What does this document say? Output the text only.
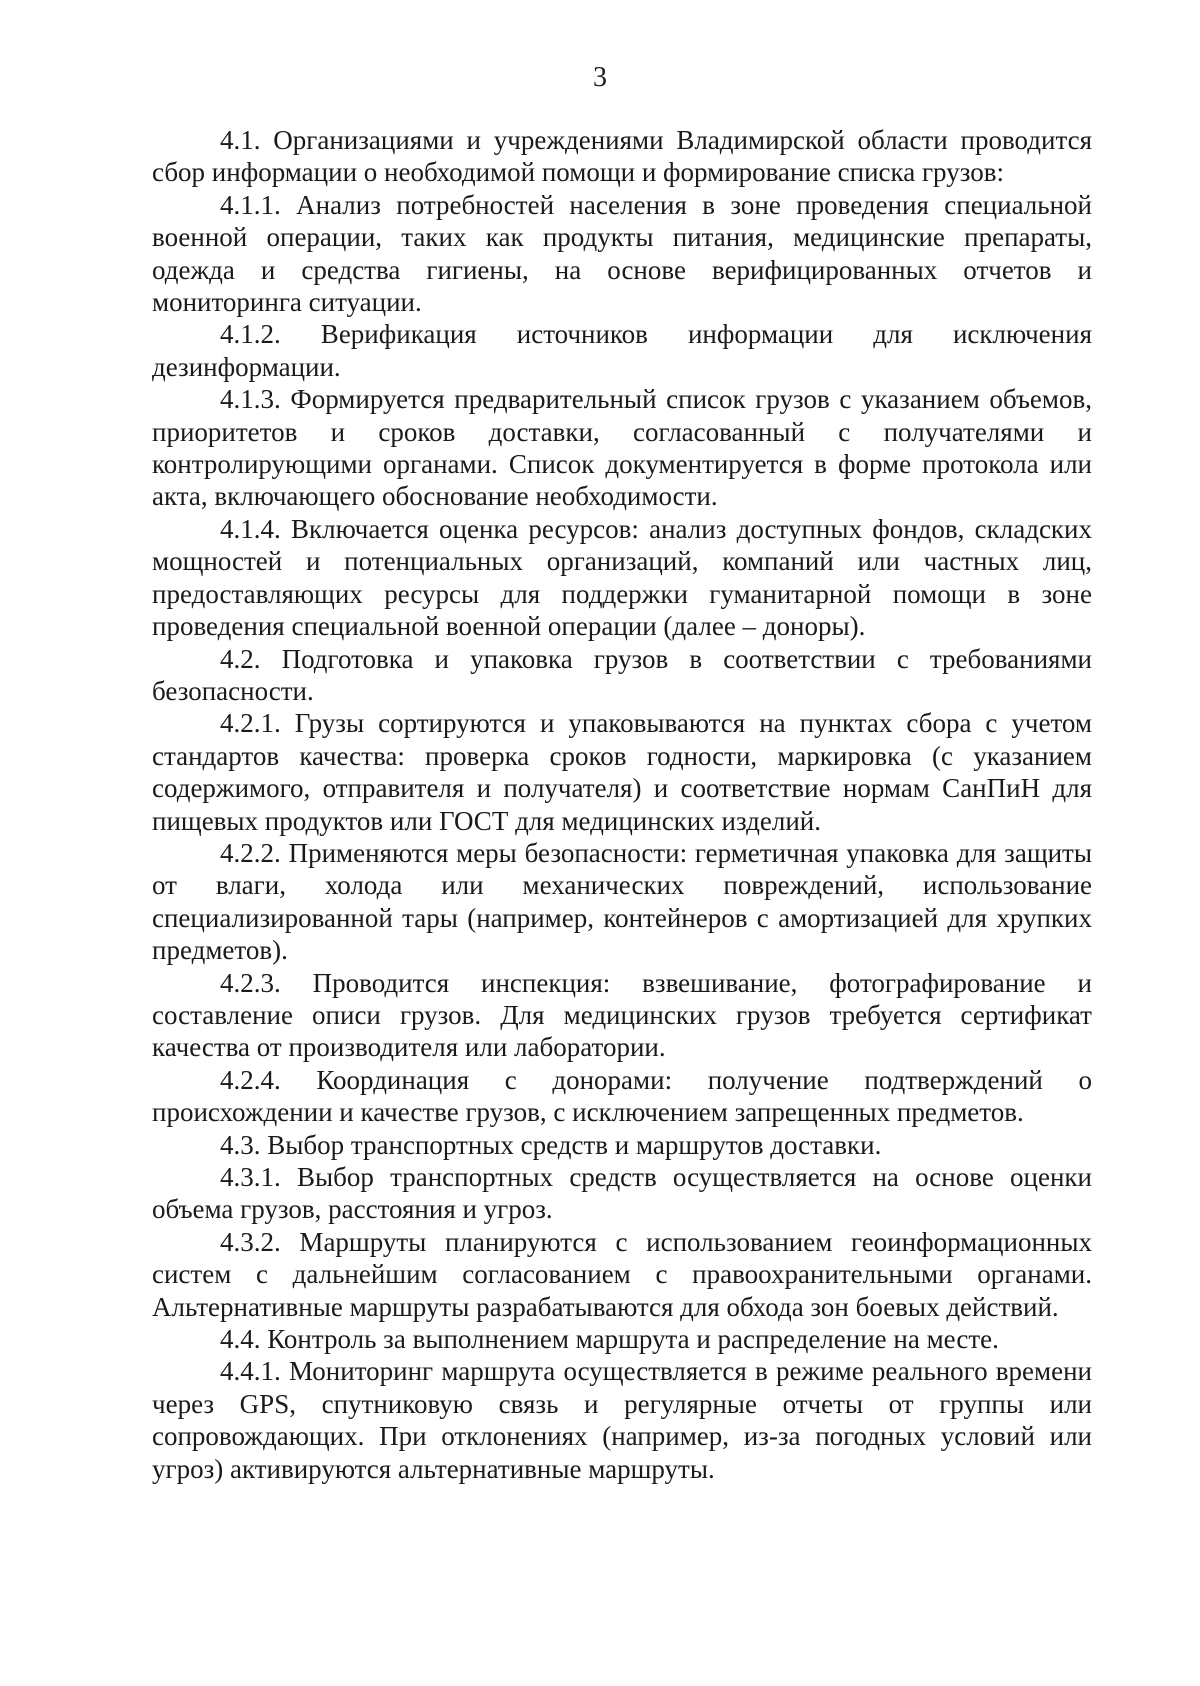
3

4.1. Организациями и учреждениями Владимирской области проводится сбор информации о необходимой помощи и формирование списка грузов:

4.1.1. Анализ потребностей населения в зоне проведения специальной военной операции, таких как продукты питания, медицинские препараты, одежда и средства гигиены, на основе верифицированных отчетов и мониторинга ситуации.

4.1.2. Верификация источников информации для исключения дезинформации.

4.1.3. Формируется предварительный список грузов с указанием объемов, приоритетов и сроков доставки, согласованный с получателями и контролирующими органами. Список документируется в форме протокола или акта, включающего обоснование необходимости.

4.1.4. Включается оценка ресурсов: анализ доступных фондов, складских мощностей и потенциальных организаций, компаний или частных лиц, предоставляющих ресурсы для поддержки гуманитарной помощи в зоне проведения специальной военной операции (далее – доноры).

4.2. Подготовка и упаковка грузов в соответствии с требованиями безопасности.

4.2.1. Грузы сортируются и упаковываются на пунктах сбора с учетом стандартов качества: проверка сроков годности, маркировка (с указанием содержимого, отправителя и получателя) и соответствие нормам СанПиН для пищевых продуктов или ГОСТ для медицинских изделий.

4.2.2. Применяются меры безопасности: герметичная упаковка для защиты от влаги, холода или механических повреждений, использование специализированной тары (например, контейнеров с амортизацией для хрупких предметов).

4.2.3. Проводится инспекция: взвешивание, фотографирование и составление описи грузов. Для медицинских грузов требуется сертификат качества от производителя или лаборатории.

4.2.4. Координация с донорами: получение подтверждений о происхождении и качестве грузов, с исключением запрещенных предметов.

4.3. Выбор транспортных средств и маршрутов доставки.

4.3.1. Выбор транспортных средств осуществляется на основе оценки объема грузов, расстояния и угроз.

4.3.2. Маршруты планируются с использованием геоинформационных систем с дальнейшим согласованием с правоохранительными органами. Альтернативные маршруты разрабатываются для обхода зон боевых действий.

4.4. Контроль за выполнением маршрута и распределение на месте.

4.4.1. Мониторинг маршрута осуществляется в режиме реального времени через GPS, спутниковую связь и регулярные отчеты от группы или сопровождающих. При отклонениях (например, из-за погодных условий или угроз) активируются альтернативные маршруты.
